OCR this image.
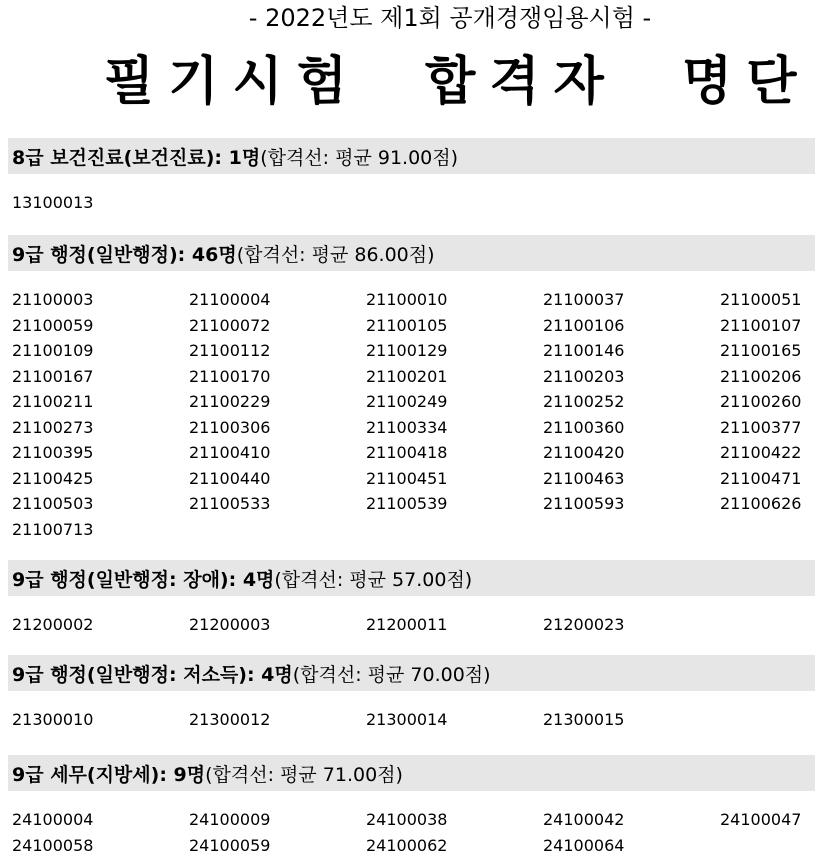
- 2022년도 제1회 공개경쟁임용시험 -
필기시험  합격자  명단
8급 보건진료(보건진료): 1명 (합격선: 평균 91.00점)
13100013
9급 행정(일반행정): 46명 (합격선: 평균 86.00점)
21100003	21100004	21100010	21100037	21100051
21100059	21100072	21100105	21100106	21100107
21100109	21100112	21100129	21100146	21100165
21100167	21100170	21100201	21100203	21100206
21100211	21100229	21100249	21100252	21100260
21100273	21100306	21100334	21100360	21100377
21100395	21100410	21100418	21100420	21100422
21100425	21100440	21100451	21100463	21100471
21100503	21100533	21100539	21100593	21100626
21100713
9급 행정(일반행정: 장애): 4명 (합격선: 평균 57.00점)
21200002	21200003	21200011	21200023
9급 행정(일반행정: 저소득): 4명 (합격선: 평균 70.00점)
21300010	21300012	21300014	21300015
9급 세무(지방세): 9명 (합격선: 평균 71.00점)
24100004	24100009	24100038	24100042	24100047
24100058	24100059	24100062	24100064
